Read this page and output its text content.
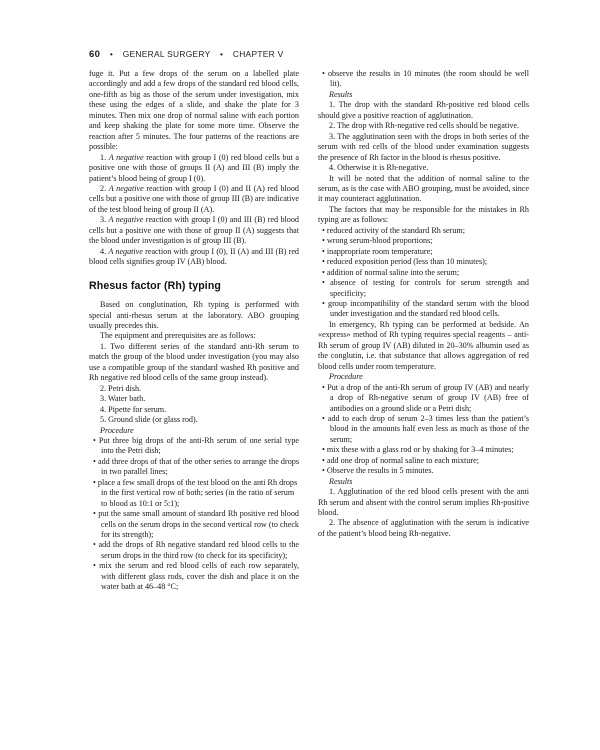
60 • GENERAL SURGERY • CHAPTER V

fuge it. Put a few drops of the serum on a labelled plate accordingly and add a few drops of the standard red blood cells, one-fifth as big as those of the serum under investigation, mix these using the edges of a slide, and shake the plate for 3 minutes. Then mix one drop of normal saline with each portion and keep shaking the plate for some more time. Observe the reaction after 5 minutes. The four patterns of the reactions are possible:

1. A negative reaction with group I (0) red blood cells but a positive one with those of groups II (A) and III (B) imply the patient’s blood being of group I (0).

2. A negative reaction with group I (0) and II (A) red blood cells but a positive one with those of group III (B) are indicative of the test blood being of group II (A).

3. A negative reaction with group I (0) and III (B) red blood cells but a positive one with those of group II (A) suggests that the blood under investigation is of group III (B).

4. A negative reaction with group I (0), II (A) and III (B) red blood cells signifies group IV (AB) blood.

Rhesus factor (Rh) typing

Based on conglutination, Rh typing is performed with special anti-rhesus serum at the laboratory. ABO grouping usually precedes this.

The equipment and prerequisites are as follows:

1. Two different series of the standard anti-Rh serum to match the group of the blood under investigation (you may also use a compatible group of the standard washed Rh positive and Rh negative red blood cells of the same group instead).

2. Petri dish.

3. Water bath.

4. Pipette for serum.

5. Ground slide (or glass rod).

Procedure

• Put three big drops of the anti-Rh serum of one serial type into the Petri dish;

• add three drops of that of the other series to arrange the drops in two parallel lines;

• place a few small drops of the test blood on the anti Rh drops in the first vertical row of both; series (in the ratio of serum to blood as 10:1 or 5:1);

• put the same small amount of standard Rh positive red blood cells on the serum drops in the second vertical row (to check for its strength);

• add the drops of Rh negative standard red blood cells to the serum drops in the third row (to check for its specificity);

• mix the serum and red blood cells of each row separately, with different glass rods, cover the dish and place it on the water bath at 46–48 °C;

• observe the results in 10 minutes (the room should be well lit).

Results

1. The drop with the standard Rh-positive red blood cells should give a positive reaction of agglutination.

2. The drop with Rh-negative red cells should be negative.

3. The agglutination seen with the drops in both series of the serum with red cells of the blood under examination suggests the presence of Rh factor in the blood is rhesus positive.

4. Otherwise it is Rh-negative.

It will be noted that the addition of normal saline to the serum, as is the case with ABO grouping, must be avoided, since it may counteract agglutination.

The factors that may be responsible for the mistakes in Rh typing are as follows:

• reduced activity of the standard Rh serum;

• wrong serum-blood proportions;

• inappropriate room temperature;

• reduced exposition period (less than 10 minutes);

• addition of normal saline into the serum;

• absence of testing for controls for serum strength and specificity;

• group incompatibility of the standard serum with the blood under investigation and the standard red blood cells.

In emergency, Rh typing can be performed at bedside. An «express» method of Rh typing requires special reagents – anti-Rh serum of group IV (AB) diluted in 20–30% albumin used as the conglutin, i.e. that substance that allows aggregation of red blood cells under room temperature.

Procedure

• Put a drop of the anti-Rh serum of group IV (AB) and nearly a drop of Rh-negative serum of group IV (AB) free of antibodies on a ground slide or a Petri dish;

• add to each drop of serum 2–3 times less than the patient’s blood in the amounts half even less as much as those of the serum;

• mix these with a glass rod or by shaking for 3–4 minutes;

• add one drop of normal saline to each mixture;

• Observe the results in 5 minutes.

Results

1. Agglutination of the red blood cells present with the anti Rh serum and absent with the control serum implies Rh-positive blood.

2. The absence of agglutination with the serum is indicative of the patient’s blood being Rh-negative.
